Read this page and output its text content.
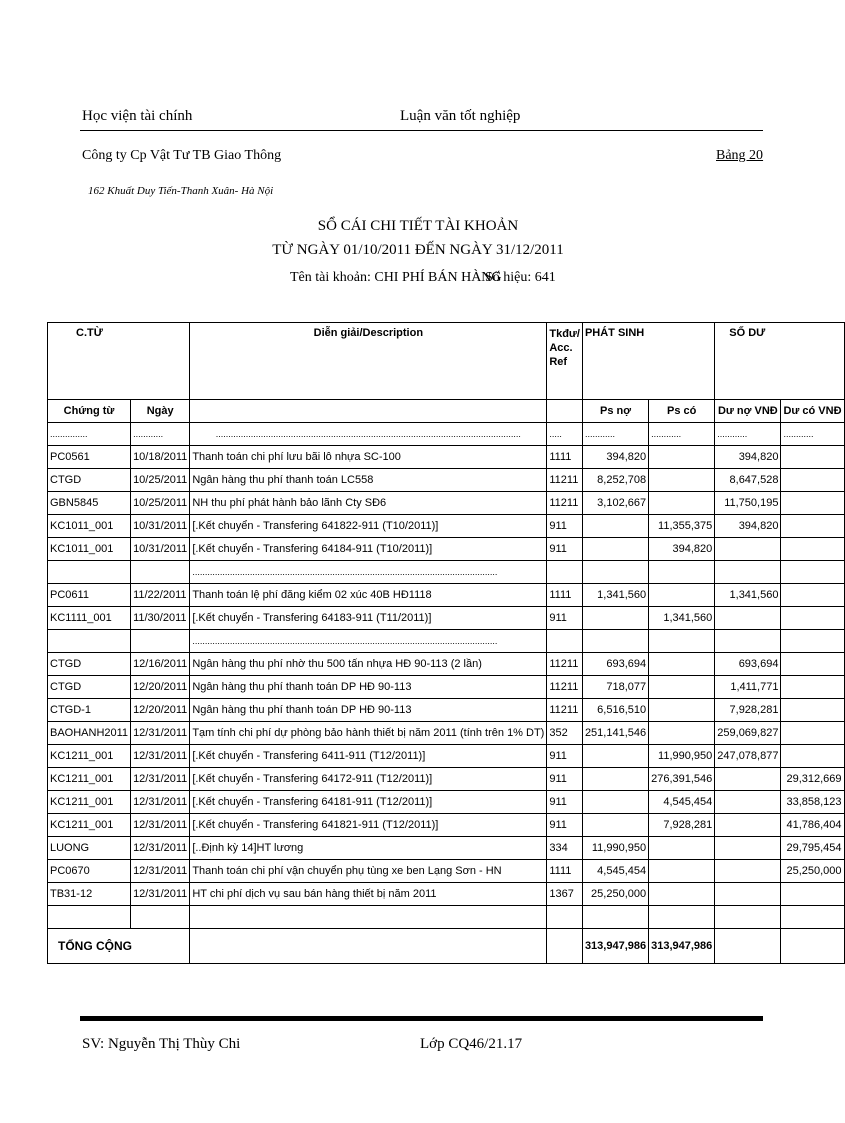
Học viện tài chính	Luận văn tốt nghiệp
Công ty Cp Vật Tư TB Giao Thông	Bảng 20
162 Khuất Duy Tiến-Thanh Xuân- Hà Nội
SỔ CÁI CHI TIẾT TÀI KHOẢN
TỪ NGÀY 01/10/2011 ĐẾN NGÀY 31/12/2011
Tên tài khoản: CHI PHÍ BÁN HÀNG
Số hiệu: 641
C.TỪ		Diễn giải/Description	Tkđư/ Acc. Ref	PHÁT SINH		SỐ DƯ	
Chứng từ	Ngày			Ps nợ	Ps có	Dư nợ VNĐ	Dư có VNĐ
...............	............	..........................................................................................................................	.....	............	............	............	............
PC0561	10/18/2011	Thanh toán chi phí lưu bãi lô nhựa SC-100	1111	394,820		394,820	
CTGD	10/25/2011	Ngân hàng thu phí thanh toán LC558	11211	8,252,708		8,647,528	
GBN5845	10/25/2011	NH thu phí phát hành bảo lãnh Cty SĐ6	11211	3,102,667		11,750,195	
KC1011_001	10/31/2011	[.Kết chuyển - Transfering 641822-911 (T10/2011)]	911		11,355,375	394,820	
KC1011_001	10/31/2011	[.Kết chuyển - Transfering 64184-911 (T10/2011)]	911		394,820		
		..........................................................................................................................					
PC0611	11/22/2011	Thanh toán lệ phí đăng kiểm 02 xúc 40B HĐ1118	1111	1,341,560		1,341,560	
KC1111_001	11/30/2011	[.Kết chuyển - Transfering 64183-911 (T11/2011)]	911		1,341,560		
		..........................................................................................................................					
CTGD	12/16/2011	Ngân hàng thu phí nhờ thu 500 tấn nhựa HĐ 90-113 (2 lần)	11211	693,694		693,694	
CTGD	12/20/2011	Ngân hàng thu phí thanh toán DP HĐ 90-113	11211	718,077		1,411,771	
CTGD-1	12/20/2011	Ngân hàng thu phí thanh toán DP HĐ 90-113	11211	6,516,510		7,928,281	
BAOHANH2011	12/31/2011	Tạm tính chi phí dự phòng bảo hành thiết bị năm 2011 (tính trên 1% DT)	352	251,141,546		259,069,827	
KC1211_001	12/31/2011	[.Kết chuyển - Transfering 6411-911 (T12/2011)]	911		11,990,950	247,078,877	
KC1211_001	12/31/2011	[.Kết chuyển - Transfering 64172-911 (T12/2011)]	911		276,391,546		29,312,669
KC1211_001	12/31/2011	[.Kết chuyển - Transfering 64181-911 (T12/2011)]	911		4,545,454		33,858,123
KC1211_001	12/31/2011	[.Kết chuyển - Transfering 641821-911 (T12/2011)]	911		7,928,281		41,786,404
LUONG	12/31/2011	[..Định kỳ 14]HT lương	334	11,990,950			29,795,454
PC0670	12/31/2011	Thanh toán chi phí vận chuyển phụ tùng xe ben Lạng Sơn - HN	1111	4,545,454			25,250,000
TB31-12	12/31/2011	HT chi phí dịch vụ sau bán hàng thiết bị năm 2011	1367	25,250,000			

TỔNG CỘNG				313,947,986	313,947,986		
SV: Nguyễn Thị Thùy Chi	Lớp CQ46/21.17
